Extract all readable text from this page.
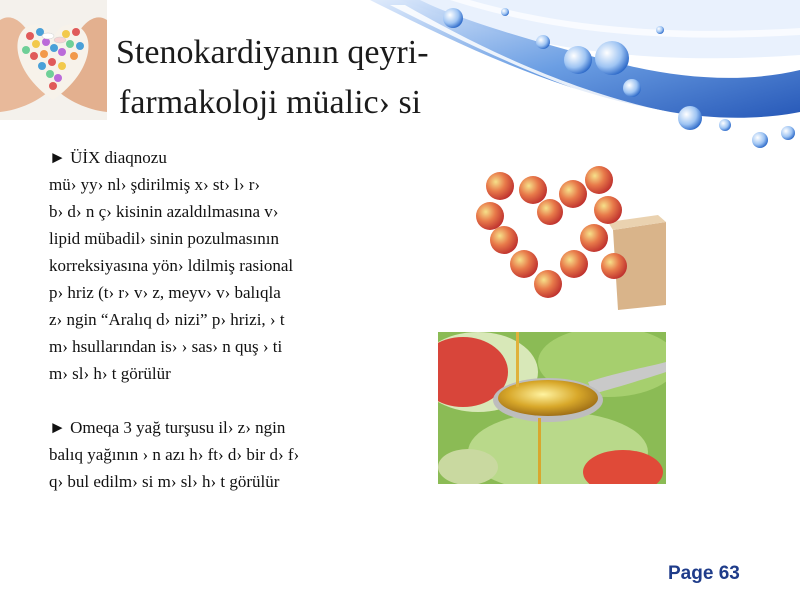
Stenokardiyanın qeyri-
farmakoloji müalic› si

► ÜİX diaqnozu
mü› yy› nl› şdirilmiş x› st› l› r›
b› d› n ç› kisinin azaldılmasına v›
lipid mübadil› sinin pozulmasının
korreksiyasına yön› ldilmiş rasional
p› hriz (t› r› v› z, meyv› v› balıqla
z› ngin “Aralıq d› nizi” p› hrizi, › t
m› hsullarından is› › sas› n quş › ti
m› sl› h› t görülür

► Omeqa 3 yağ turşusu il› z› ngin
balıq yağının › n azı h› ft› d› bir d› f›
q› bul edilm› si m› sl› h› t görülür

Page 63
